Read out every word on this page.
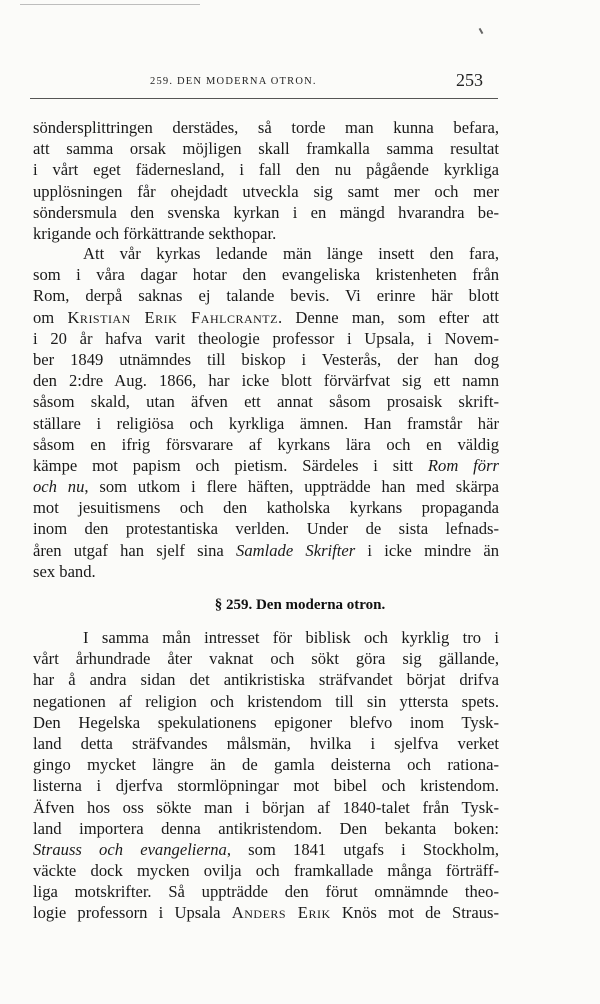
259. DEN MODERNA OTRON.	253
söndersplittringen derstädes, så torde man kunna befara,
att samma orsak möjligen skall framkalla samma resultat
i vårt eget fädernesland, i fall den nu pågående kyrkliga
upplösningen får ohejdadt utveckla sig samt mer och mer
söndersmula den svenska kyrkan i en mängd hvarandra be-
krigande och förkättrande sekthopar.
Att vår kyrkas ledande män länge insett den fara,
som i våra dagar hotar den evangeliska kristenheten från
Rom, derpå saknas ej talande bevis. Vi erinre här blott
om Kristian Erik Fahlcrantz. Denne man, som efter att
i 20 år hafva varit theologie professor i Upsala, i Novem-
ber 1849 utnämndes till biskop i Vesterås, der han dog
den 2:dre Aug. 1866, har icke blott förvärfvat sig ett namn
såsom skald, utan äfven ett annat såsom prosaisk skrift-
ställare i religiösa och kyrkliga ämnen. Han framstår här
såsom en ifrig försvarare af kyrkans lära och en väldig
kämpe mot papism och pietism. Särdeles i sitt Rom förr
och nu, som utkom i flere häften, uppträdde han med skärpa
mot jesuitismens och den katholska kyrkans propaganda
inom den protestantiska verlden. Under de sista lefnads-
åren utgaf han sjelf sina Samlade Skrifter i icke mindre än
sex band.
§ 259. Den moderna otron.
I samma mån intresset för biblisk och kyrklig tro i
vårt århundrade åter vaknat och sökt göra sig gällande,
har å andra sidan det antikristiska sträfvandet börjat drifva
negationen af religion och kristendom till sin yttersta spets.
Den Hegelska spekulationens epigoner blefvo inom Tysk-
land detta sträfvandes målsmän, hvilka i sjelfva verket
gingo mycket längre än de gamla deisterna och rationa-
listerna i djerfva stormlöpningar mot bibel och kristendom.
Äfven hos oss sökte man i början af 1840-talet från Tysk-
land importera denna antikristendom. Den bekanta boken:
Strauss och evangelierna, som 1841 utgafs i Stockholm,
väckte dock mycken ovilja och framkallade många förträff-
liga motskrifter. Så uppträdde den förut omnämnde theo-
logie professorn i Upsala Anders Erik Knös mot de Straus-
